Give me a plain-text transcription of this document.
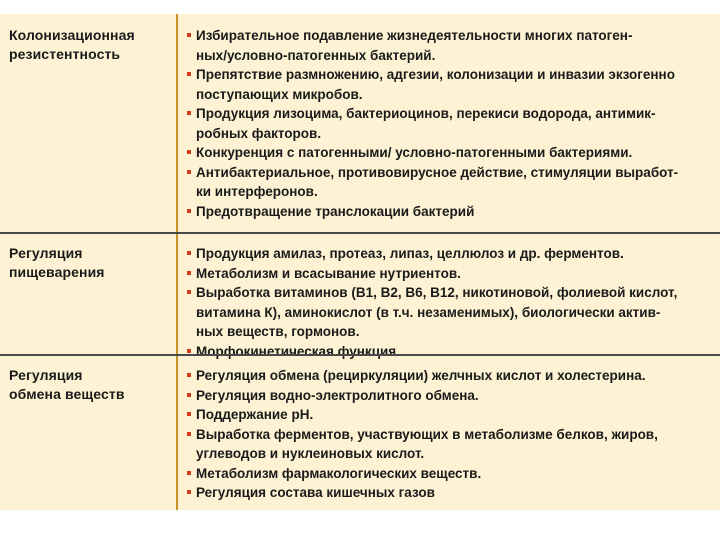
Колонизационная
резистентность
Избирательное подавление жизнедеятельности многих патоген-
ных/условно-патогенных бактерий.
Препятствие размножению, адгезии, колонизации и инвазии экзогенно
поступающих микробов.
Продукция лизоцима, бактериоцинов, перекиси водорода, антимик-
робных факторов.
Конкуренция с патогенными/ условно-патогенными бактериями.
Антибактериальное, противовирусное действие, стимуляции выработ-
ки интерферонов.
Предотвращение транслокации бактерий
Регуляция
пищеварения
Продукция амилаз, протеаз, липаз, целлюлоз и др. ферментов.
Метаболизм и всасывание нутриентов.
Выработка витаминов (B1, B2, B6, B12, никотиновой, фолиевой кислот,
витамина К), аминокислот (в т.ч. незаменимых), биологически актив-
ных веществ, гормонов.
Морфокинетическая функция
Регуляция
обмена веществ
Регуляция обмена (рециркуляции) желчных кислот и холестерина.
Регуляция водно-электролитного обмена.
Поддержание pH.
Выработка ферментов, участвующих в метаболизме белков, жиров,
углеводов и нуклеиновых кислот.
Метаболизм фармакологических веществ.
Регуляция состава кишечных газов
